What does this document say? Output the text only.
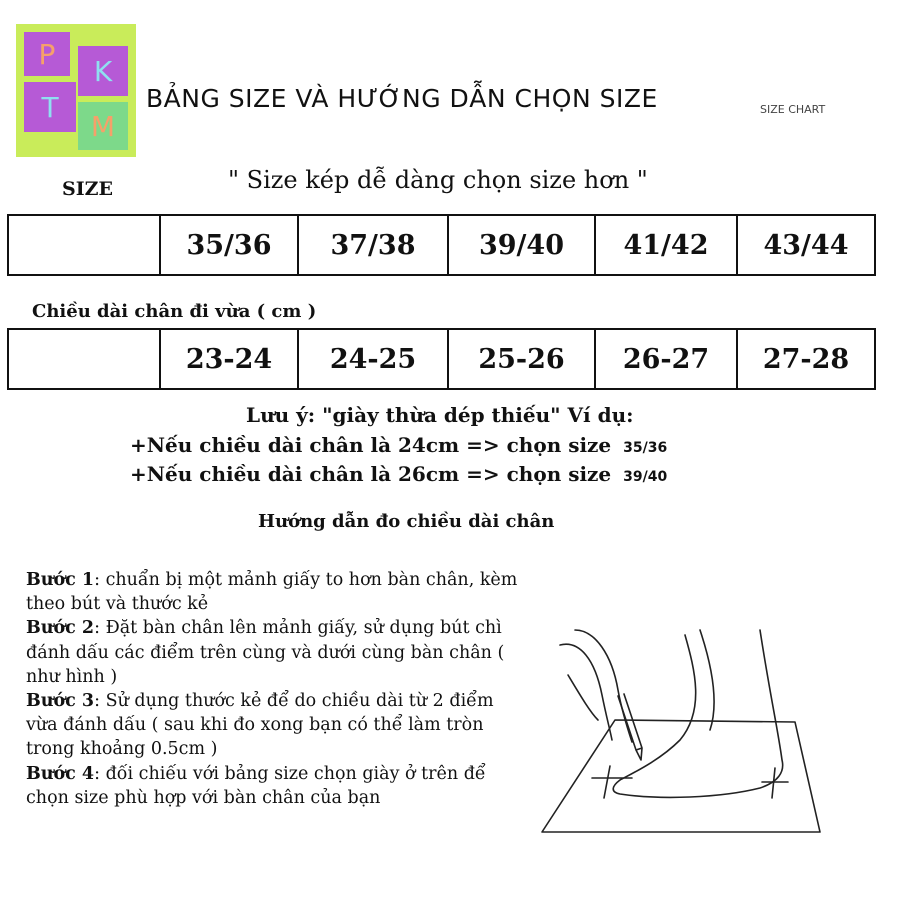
P
K
T
M
BẢNG SIZE VÀ HƯỚNG DẪN CHỌN SIZE	SIZE CHART
SIZE	" Size kép dễ dàng chọn size hơn "
	35/36	37/38	39/40	41/42	43/44
Chiều dài chân đi vừa ( cm )
	23-24	24-25	25-26	26-27	27-28
Lưu ý: "giày thừa dép thiếu" Ví dụ:
+Nếu chiều dài chân là 24cm => chọn size 35/36
+Nếu chiều dài chân là 26cm => chọn size 39/40
Hướng dẫn đo chiều dài chân

Bước 1: chuẩn bị một mảnh giấy to hơn bàn chân, kèm theo bút và thước kẻ

Bước 2: Đặt bàn chân lên mảnh giấy, sử dụng bút chì đánh dấu các điểm trên cùng và dưới cùng bàn chân ( như hình )

Bước 3: Sử dụng thước kẻ để do chiều dài từ 2 điểm vừa đánh dấu ( sau khi đo xong bạn có thể làm tròn trong khoảng 0.5cm )

Bước 4: đối chiếu với bảng size chọn giày ở trên để chọn size phù hợp với bàn chân của bạn
